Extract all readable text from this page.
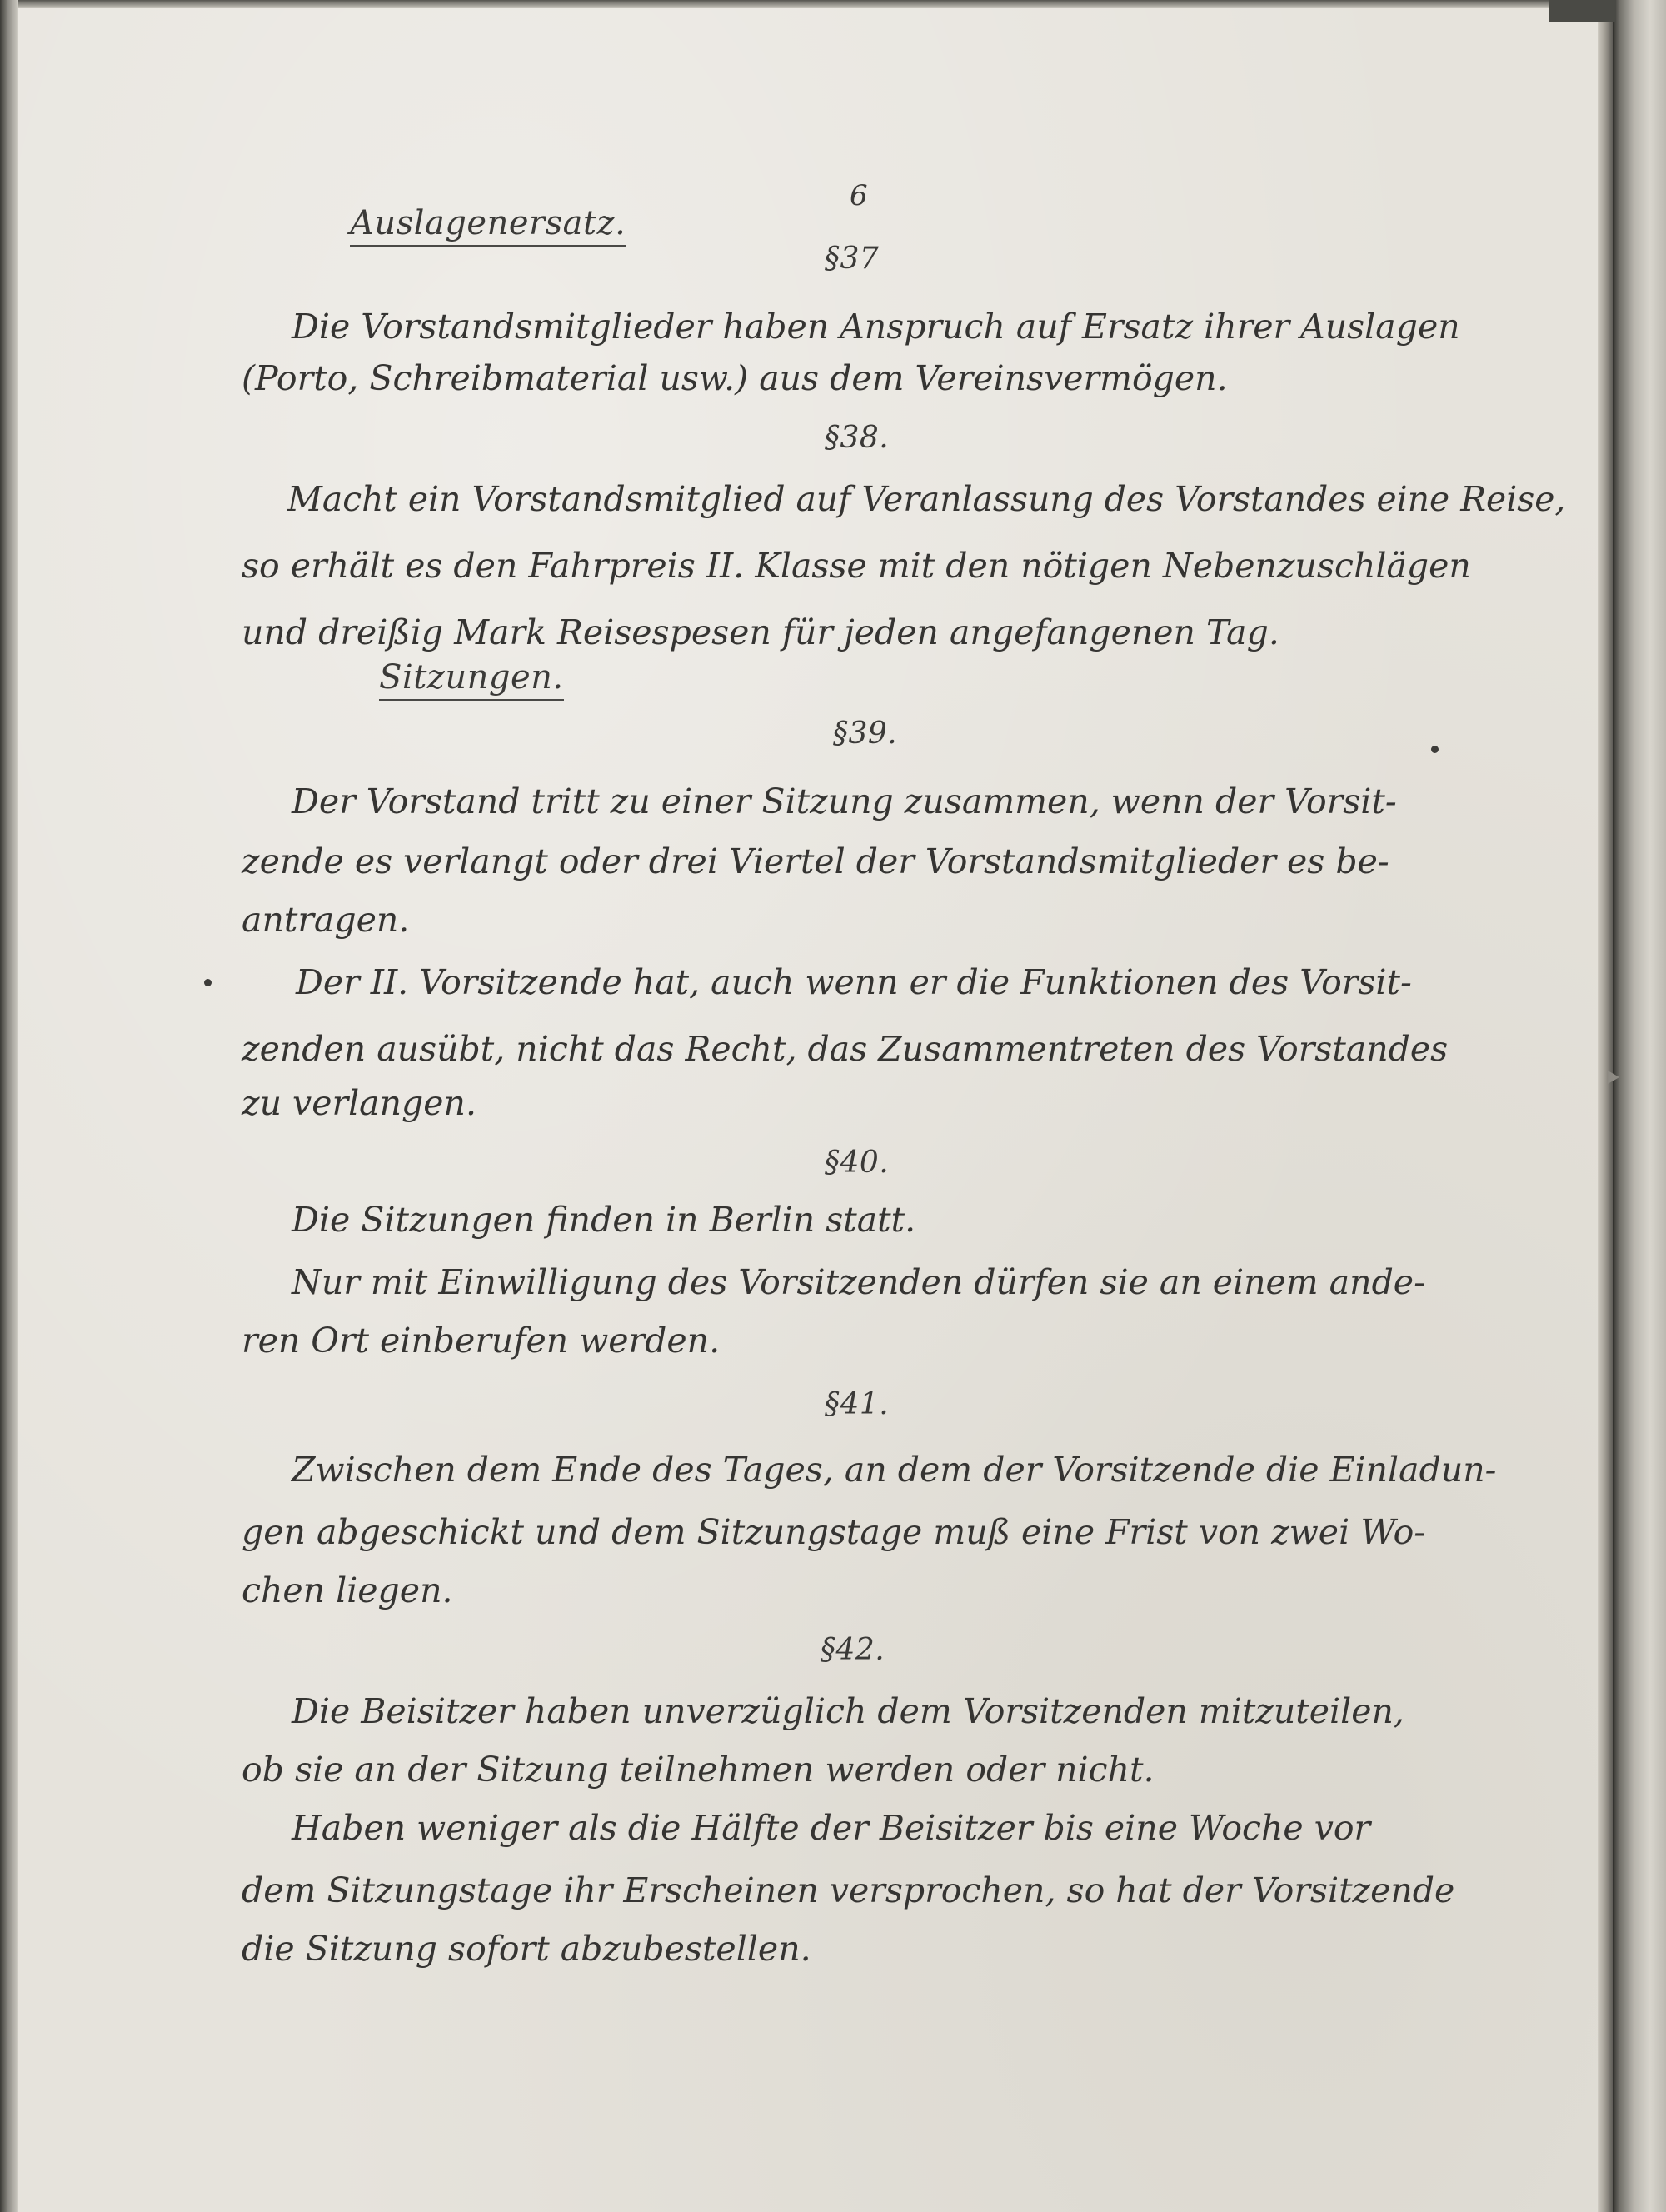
6
Auslagenersatz.
§37
Die Vorstandsmitglieder haben Anspruch auf Ersatz ihrer Auslagen
(Porto, Schreibmaterial usw.) aus dem Vereinsvermögen.
§38.
Macht ein Vorstandsmitglied auf Veranlassung des Vorstandes eine Reise,
so erhält es den Fahrpreis II. Klasse mit den nötigen Nebenzuschlägen
und dreißig Mark Reisespesen für jeden angefangenen Tag.
Sitzungen.
§39.
Der Vorstand tritt zu einer Sitzung zusammen, wenn der Vorsit-
zende es verlangt oder drei Viertel der Vorstandsmitglieder es be-
antragen.
Der II. Vorsitzende hat, auch wenn er die Funktionen des Vorsit-
zenden ausübt, nicht das Recht, das Zusammentreten des Vorstandes
zu verlangen.
§40.
Die Sitzungen finden in Berlin statt.
Nur mit Einwilligung des Vorsitzenden dürfen sie an einem ande-
ren Ort einberufen werden.
§41.
Zwischen dem Ende des Tages, an dem der Vorsitzende die Einladun-
gen abgeschickt und dem Sitzungstage muß eine Frist von zwei Wo-
chen liegen.
§42.
Die Beisitzer haben unverzüglich dem Vorsitzenden mitzuteilen,
ob sie an der Sitzung teilnehmen werden oder nicht.
Haben weniger als die Hälfte der Beisitzer bis eine Woche vor
dem Sitzungstage ihr Erscheinen versprochen, so hat der Vorsitzende
die Sitzung sofort abzubestellen.
